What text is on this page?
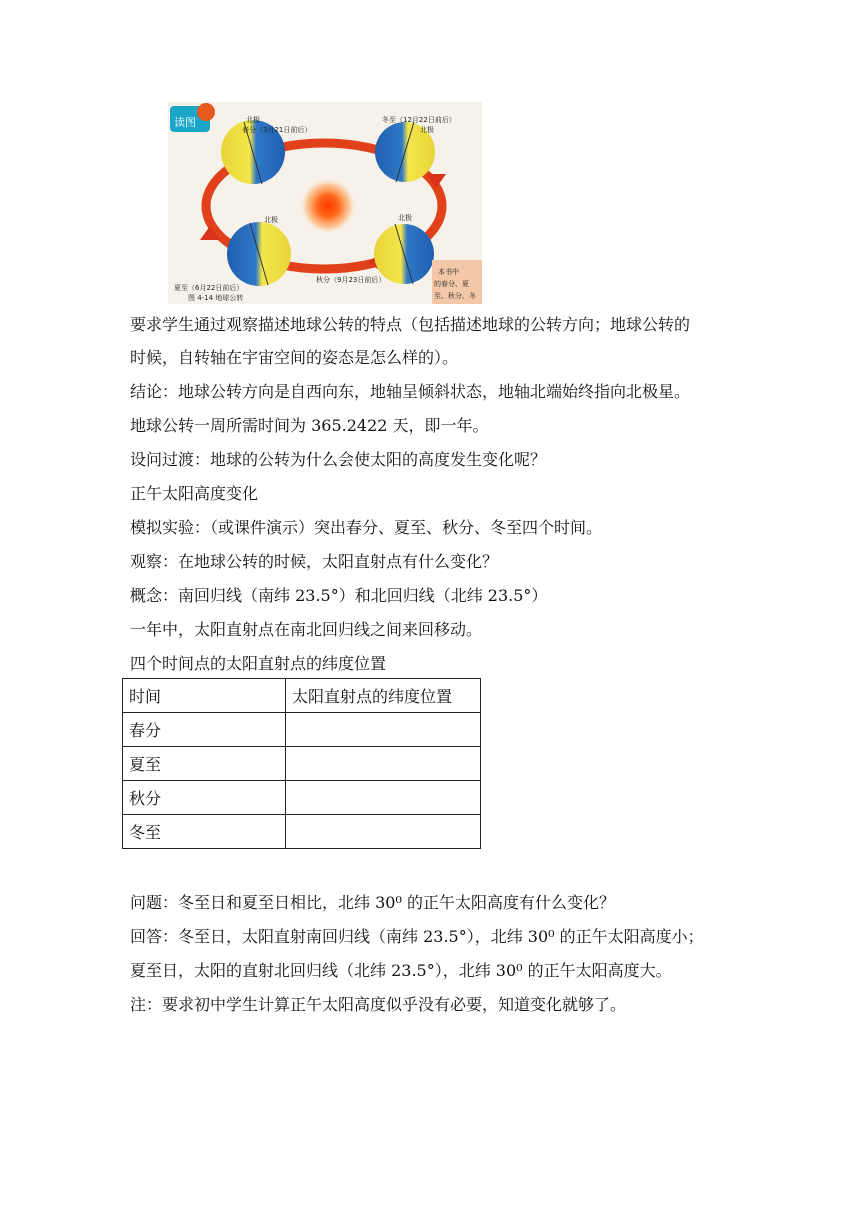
读图
春分（3月21日前后）
北极	冬至（12月22日前后）
北极
北极	北极
夏至（6月22日前后）
秋分（9月23日前后）
图 4-14 地球公转
本书中
的春分、夏
至、秋分、冬
要求学生通过观察描述地球公转的特点（包括描述地球的公转方向；地球公转的
时候，自转轴在宇宙空间的姿态是怎么样的）。
结论：地球公转方向是自西向东，地轴呈倾斜状态，地轴北端始终指向北极星。
地球公转一周所需时间为 365.2422 天，即一年。
设问过渡：地球的公转为什么会使太阳的高度发生变化呢？
正午太阳高度变化
模拟实验：（或课件演示）突出春分、夏至、秋分、冬至四个时间。
观察：在地球公转的时候，太阳直射点有什么变化？
概念：南回归线（南纬 23.5°）和北回归线（北纬 23.5°）
一年中，太阳直射点在南北回归线之间来回移动。
四个时间点的太阳直射点的纬度位置
时间	太阳直射点的纬度位置
春分	
夏至	
秋分	
冬至	
问题：冬至日和夏至日相比，北纬 30⁰ 的正午太阳高度有什么变化？
回答：冬至日，太阳直射南回归线（南纬 23.5°），北纬 30⁰ 的正午太阳高度小；
夏至日，太阳的直射北回归线（北纬 23.5°），北纬 30⁰ 的正午太阳高度大。
注：要求初中学生计算正午太阳高度似乎没有必要，知道变化就够了。
